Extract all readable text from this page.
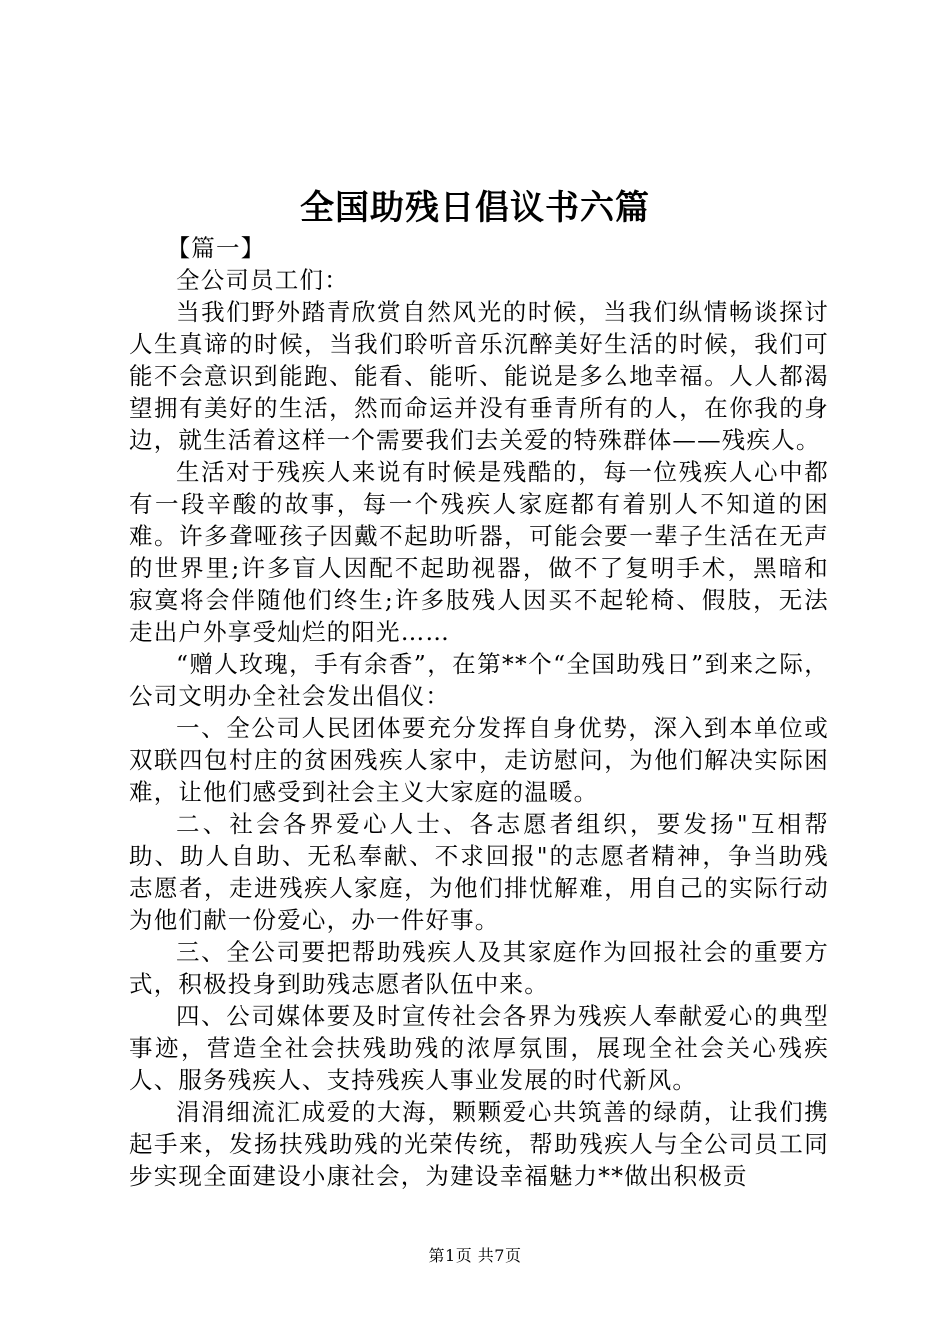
全国助残日倡议书六篇

【篇一】

全公司员工们：

当我们野外踏青欣赏自然风光的时候，当我们纵情畅谈探讨人生真谛的时候，当我们聆听音乐沉醉美好生活的时候，我们可能不会意识到能跑、能看、能听、能说是多么地幸福。人人都渴望拥有美好的生活，然而命运并没有垂青所有的人，在你我的身边，就生活着这样一个需要我们去关爱的特殊群体——残疾人。

生活对于残疾人来说有时候是残酷的，每一位残疾人心中都有一段辛酸的故事，每一个残疾人家庭都有着别人不知道的困难。许多聋哑孩子因戴不起助听器，可能会要一辈子生活在无声的世界里;许多盲人因配不起助视器，做不了复明手术，黑暗和寂寞将会伴随他们终生;许多肢残人因买不起轮椅、假肢，无法走出户外享受灿烂的阳光……

“赠人玫瑰，手有余香”，在第**个“全国助残日”到来之际，公司文明办全社会发出倡仪：

一、全公司人民团体要充分发挥自身优势，深入到本单位或双联四包村庄的贫困残疾人家中，走访慰问，为他们解决实际困难，让他们感受到社会主义大家庭的温暖。

二、社会各界爱心人士、各志愿者组织，要发扬"互相帮助、助人自助、无私奉献、不求回报"的志愿者精神，争当助残志愿者，走进残疾人家庭，为他们排忧解难，用自己的实际行动为他们献一份爱心，办一件好事。

三、全公司要把帮助残疾人及其家庭作为回报社会的重要方式，积极投身到助残志愿者队伍中来。

四、公司媒体要及时宣传社会各界为残疾人奉献爱心的典型事迹，营造全社会扶残助残的浓厚氛围，展现全社会关心残疾人、服务残疾人、支持残疾人事业发展的时代新风。

涓涓细流汇成爱的大海，颗颗爱心共筑善的绿荫，让我们携起手来，发扬扶残助残的光荣传统，帮助残疾人与全公司员工同步实现全面建设小康社会，为建设幸福魅力**做出积极贡

第1页 共7页
